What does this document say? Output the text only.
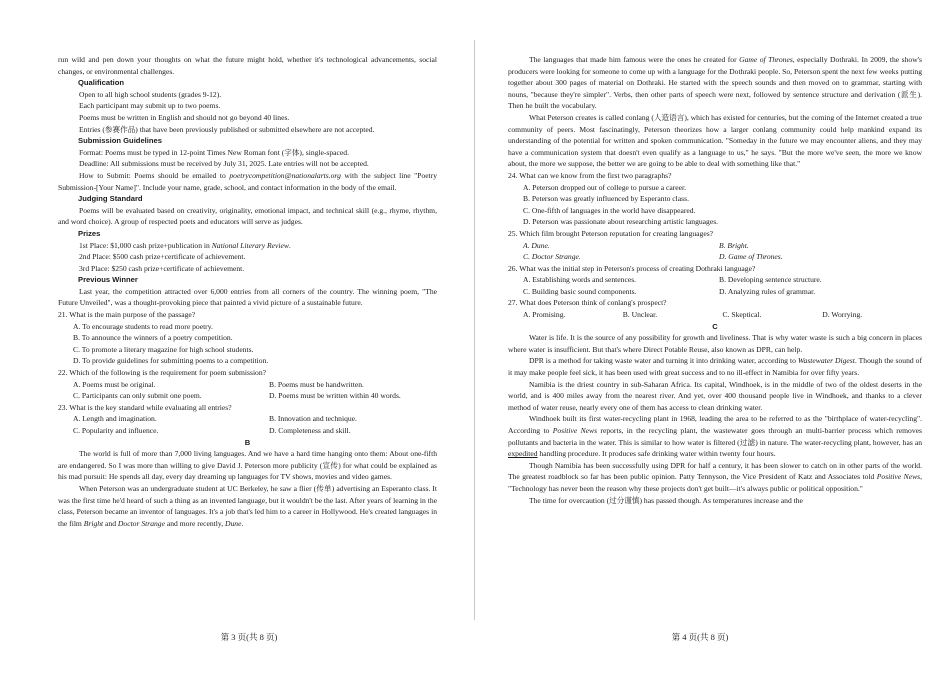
run wild and pen down your thoughts on what the future might hold, whether it's technological advancements, social changes, or environmental challenges.

Qualification

Open to all high school students (grades 9-12).

Each participant may submit up to two poems.

Poems must be written in English and should not go beyond 40 lines.

Entries (参赛作品) that have been previously published or submitted elsewhere are not accepted.

Submission Guidelines

Format: Poems must be typed in 12-point Times New Roman font (字体), single-spaced.

Deadline: All submissions must be received by July 31, 2025. Late entries will not be accepted.

How to Submit: Poems should be emailed to poetrycompetition@nationalarts.org with the subject line "Poetry Submission-[Your Name]". Include your name, grade, school, and contact information in the body of the email.

Judging Standard

Poems will be evaluated based on creativity, originality, emotional impact, and technical skill (e.g., rhyme, rhythm, and word choice). A group of respected poets and educators will serve as judges.

Prizes

1st Place: $1,000 cash prize+publication in National Literary Review.

2nd Place: $500 cash prize+certificate of achievement.

3rd Place: $250 cash prize+certificate of achievement.

Previous Winner

Last year, the competition attracted over 6,000 entries from all corners of the country. The winning poem, "The Future Unveiled", was a thought-provoking piece that painted a vivid picture of a sustainable future.

21. What is the main purpose of the passage?

A. To encourage students to read more poetry.

B. To announce the winners of a poetry competition.

C. To promote a literary magazine for high school students.

D. To provide guidelines for submitting poems to a competition.

22. Which of the following is the requirement for poem submission?

A. Poems must be original.	B. Poems must be handwritten.
C. Participants can only submit one poem.	D. Poems must be written within 40 words.

23. What is the key standard while evaluating all entries?

A. Length and imagination.	B. Innovation and technique.
C. Popularity and influence.	D. Completeness and skill.

B

The world is full of more than 7,000 living languages. And we have a hard time hanging onto them: About one-fifth are endangered. So I was more than willing to give David J. Peterson more publicity (宣传) for what could be explained as his mad pursuit: He spends all day, every day dreaming up languages for TV shows, movies and video games.

When Peterson was an undergraduate student at UC Berkeley, he saw a flier (传单) advertising an Esperanto class. It was the first time he'd heard of such a thing as an invented language, but it wouldn't be the last. After years of learning in the class, Peterson became an inventor of languages. It's a job that's led him to a career in Hollywood. He's created languages in the film Bright and Doctor Strange and more recently, Dune.

The languages that made him famous were the ones he created for Game of Thrones, especially Dothraki. In 2009, the show's producers were looking for someone to come up with a language for the Dothraki people. So, Peterson spent the next few weeks putting together about 300 pages of material on Dothraki. He started with the speech sounds and then moved on to grammar, starting with nouns, "because they're simpler". Verbs, then other parts of speech were next, followed by sentence structure and derivation (派生). Then he built the vocabulary.

What Peterson creates is called conlang (人造语言), which has existed for centuries, but the coming of the Internet created a true community of peers. Most fascinatingly, Peterson theorizes how a larger conlang community could help mankind expand its understanding of the potential for written and spoken communication. "Someday in the future we may encounter aliens, and they may have a communication system that doesn't even qualify as a language to us," he says. "But the more we've seen, the more we know about, the more we suppose, the better we are going to be able to deal with something like that."

24. What can we know from the first two paragraphs?

A. Peterson dropped out of college to pursue a career.

B. Peterson was greatly influenced by Esperanto class.

C. One-fifth of languages in the world have disappeared.

D. Peterson was passionate about researching artistic languages.

25. Which film brought Peterson reputation for creating languages?

A. Dune.	B. Bright.
C. Doctor Strange.	D. Game of Thrones.

26. What was the initial step in Peterson's process of creating Dothraki language?

A. Establishing words and sentences.	B. Developing sentence structure.
C. Building basic sound components.	D. Analyzing rules of grammar.

27. What does Peterson think of conlang's prospect?

A. Promising.	B. Unclear.	C. Skeptical.	D. Worrying.

C

Water is life. It is the source of any possibility for growth and liveliness. That is why water waste is such a big concern in places where water is insufficient. But that's where Direct Potable Reuse, also known as DPR, can help.

DPR is a method for taking waste water and turning it into drinking water, according to Wastewater Digest. Though the sound of it may make people feel sick, it has been used with great success and to no ill-effect in Namibia for over fifty years.

Namibia is the driest country in sub-Saharan Africa. Its capital, Windhoek, is in the middle of two of the oldest deserts in the world, and is 400 miles away from the nearest river. And yet, over 400 thousand people live in Windhoek, and thanks to a clever method of water reuse, nearly every one of them has access to clean drinking water.

Windhoek built its first water-recycling plant in 1968, leading the area to be referred to as the "birthplace of water-recycling". According to Positive News reports, in the recycling plant, the wastewater goes through an multi-barrier process which removes pollutants and bacteria in the water. This is similar to how water is filtered (过滤) in nature. The water-recycling plant, however, has an expedited handling procedure. It produces safe drinking water within twenty four hours.

Though Namibia has been successfully using DPR for half a century, it has been slower to catch on in other parts of the world. The greatest roadblock so far has been public opinion. Patty Tennyson, the Vice President of Katz and Associates told Positive News, "Technology has never been the reason why these projects don't get built—it's always public or political opposition."

The time for overcaution (过分谨慎) has passed though. As temperatures increase and the

第 3 页(共 8 页)	第 4 页(共 8 页)
